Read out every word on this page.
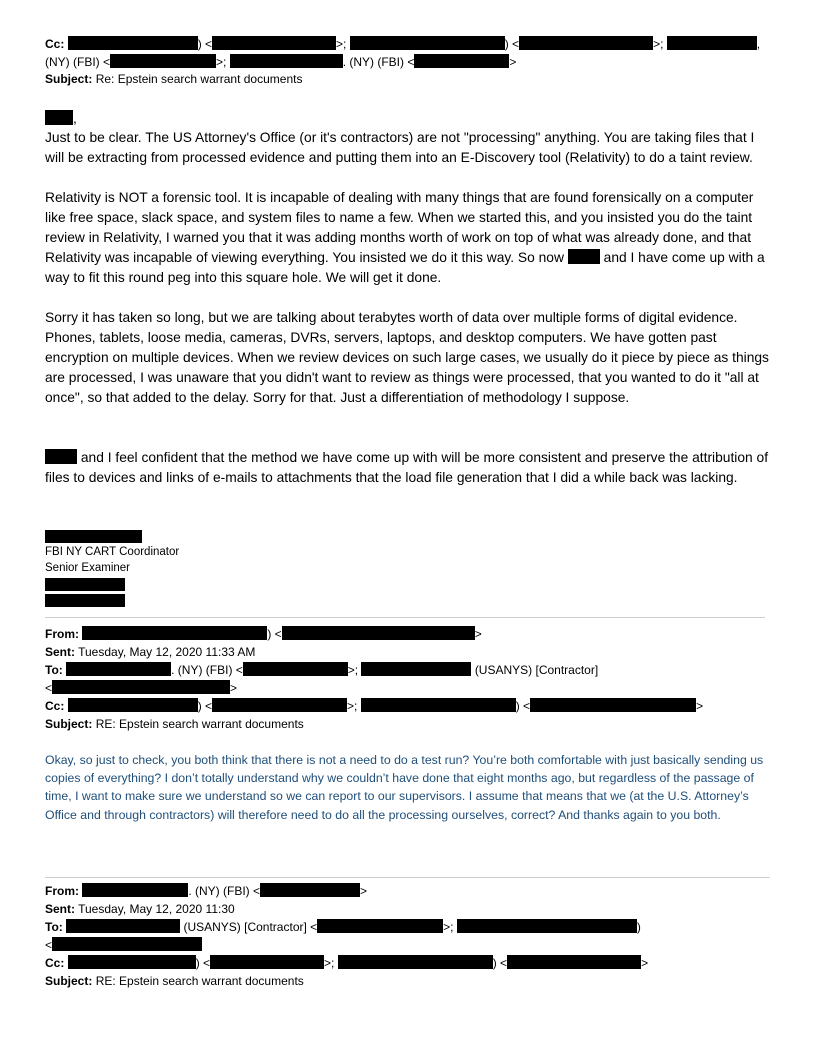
Cc:	) <	>;	) <	>;	,
(NY) (FBI) <	>;	. (NY) (FBI) <	>
Subject: Re: Epstein search warrant documents
,
Just to be clear. The US Attorney's Office (or it's contractors) are not "processing" anything. You are taking files that I will be extracting from processed evidence and putting them into an E-Discovery tool (Relativity) to do a taint review.
Relativity is NOT a forensic tool. It is incapable of dealing with many things that are found forensically on a computer like free space, slack space, and system files to name a few. When we started this, and you insisted you do the taint review in Relativity, I warned you that it was adding months worth of work on top of what was already done, and that Relativity was incapable of viewing everything. You insisted we do it this way. So now	and I have come up with a way to fit this round peg into this square hole. We will get it done.
Sorry it has taken so long, but we are talking about terabytes worth of data over multiple forms of digital evidence. Phones, tablets, loose media, cameras, DVRs, servers, laptops, and desktop computers. We have gotten past encryption on multiple devices. When we review devices on such large cases, we usually do it piece by piece as things are processed, I was unaware that you didn't want to review as things were processed, that you wanted to do it "all at once", so that added to the delay. Sorry for that. Just a differentiation of methodology I suppose.
and I feel confident that the method we have come up with will be more consistent and preserve the attribution of files to devices and links of e-mails to attachments that the load file generation that I did a while back was lacking.
FBI NY CART Coordinator
Senior Examiner
From:	) <	>
Sent: Tuesday, May 12, 2020 11:33 AM
To:	. (NY) (FBI) <	>;	(USANYS) [Contractor]
<	>
Cc:	) <	>;	) <	>
Subject: RE: Epstein search warrant documents
Okay, so just to check, you both think that there is not a need to do a test run? You’re both comfortable with just basically sending us copies of everything? I don’t totally understand why we couldn’t have done that eight months ago, but regardless of the passage of time, I want to make sure we understand so we can report to our supervisors. I assume that means that we (at the U.S. Attorney’s Office and through contractors) will therefore need to do all the processing ourselves, correct? And thanks again to you both.
From:	. (NY) (FBI) <	>
Sent: Tuesday, May 12, 2020 11:30
To:	(USANYS) [Contractor] <	>;	)
<
Cc:	) <	>;	) <	>
Subject: RE: Epstein search warrant documents
